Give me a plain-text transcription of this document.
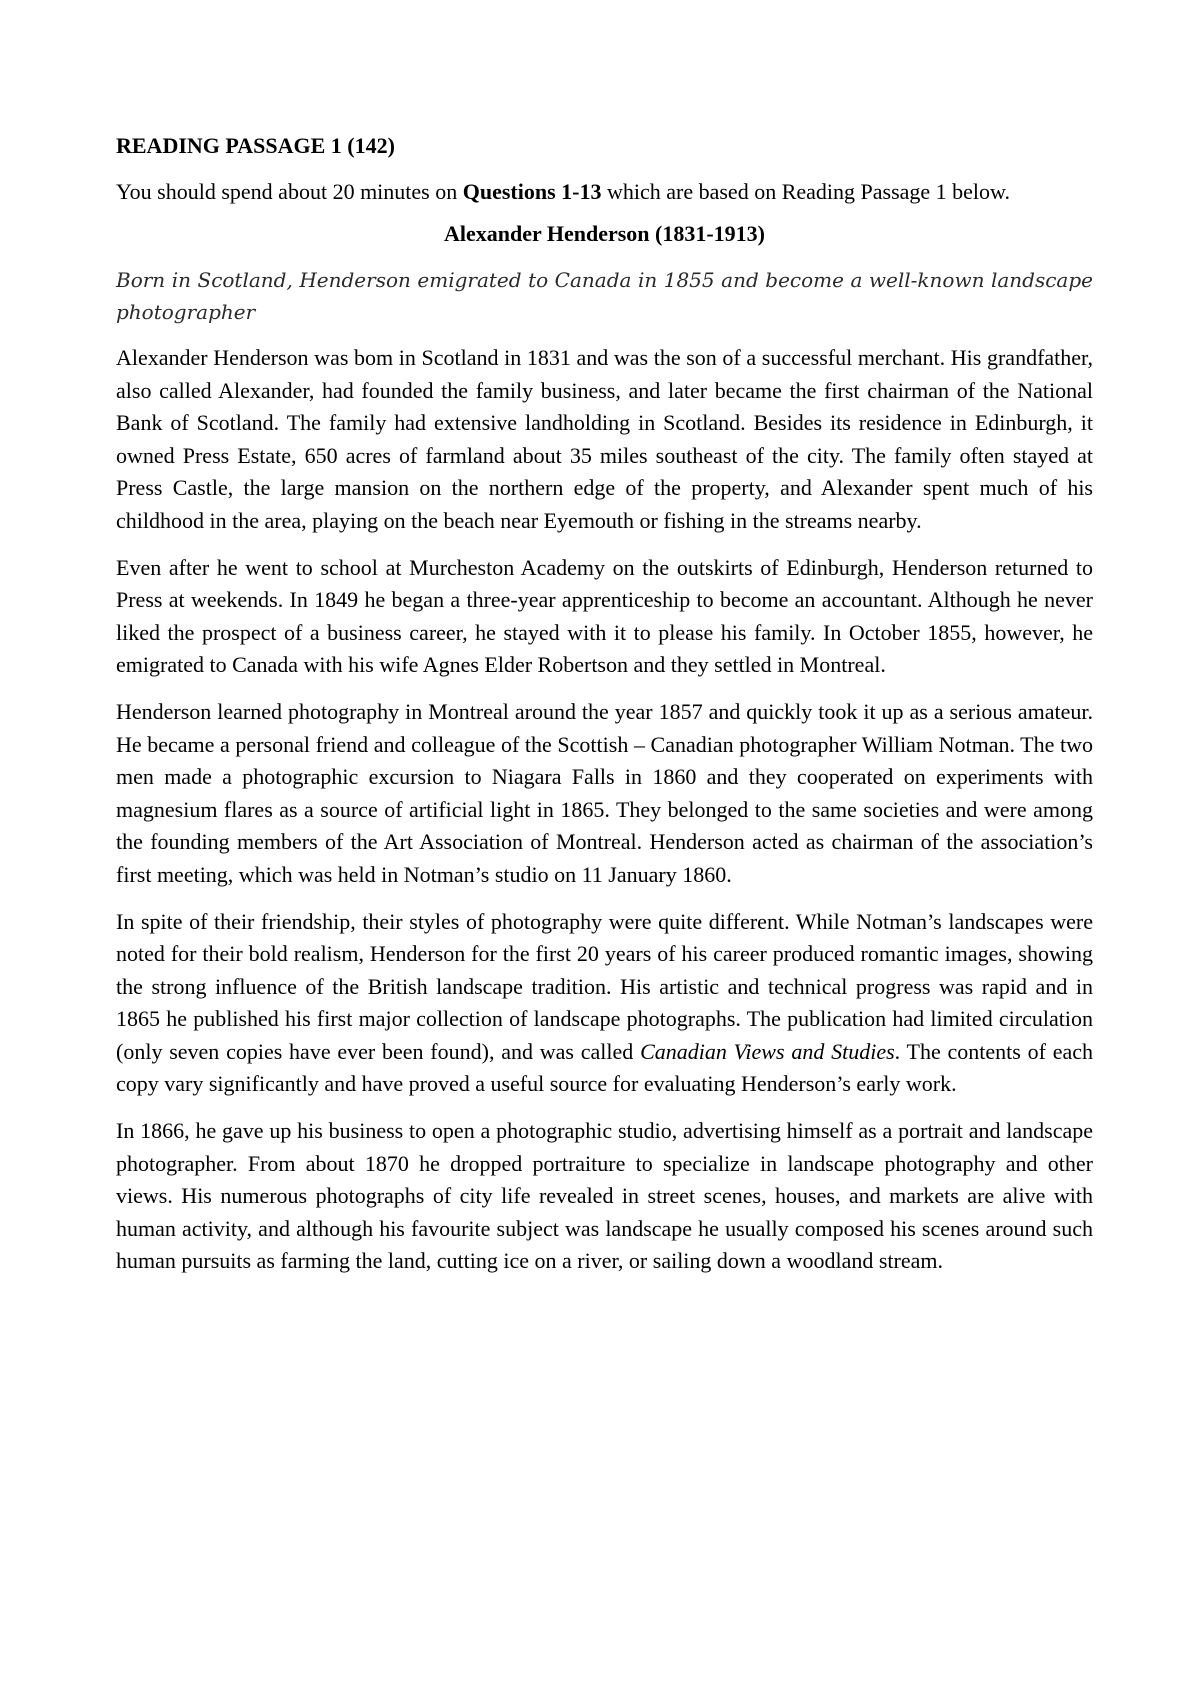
READING PASSAGE 1 (142)
You should spend about 20 minutes on Questions 1-13 which are based on Reading Passage 1 below.
Alexander Henderson (1831-1913)
Born in Scotland, Henderson emigrated to Canada in 1855 and become a well-known landscape photographer

Alexander Henderson was bom in Scotland in 1831 and was the son of a successful merchant. His grandfather, also called Alexander, had founded the family business, and later became the first chairman of the National Bank of Scotland. The family had extensive landholding in Scotland. Besides its residence in Edinburgh, it owned Press Estate, 650 acres of farmland about 35 miles southeast of the city. The family often stayed at Press Castle, the large mansion on the northern edge of the property, and Alexander spent much of his childhood in the area, playing on the beach near Eyemouth or fishing in the streams nearby.

Even after he went to school at Murcheston Academy on the outskirts of Edinburgh, Henderson returned to Press at weekends. In 1849 he began a three-year apprenticeship to become an accountant. Although he never liked the prospect of a business career, he stayed with it to please his family. In October 1855, however, he emigrated to Canada with his wife Agnes Elder Robertson and they settled in Montreal.

Henderson learned photography in Montreal around the year 1857 and quickly took it up as a serious amateur. He became a personal friend and colleague of the Scottish – Canadian photographer William Notman. The two men made a photographic excursion to Niagara Falls in 1860 and they cooperated on experiments with magnesium flares as a source of artificial light in 1865. They belonged to the same societies and were among the founding members of the Art Association of Montreal. Henderson acted as chairman of the association’s first meeting, which was held in Notman’s studio on 11 January 1860.

In spite of their friendship, their styles of photography were quite different. While Notman’s landscapes were noted for their bold realism, Henderson for the first 20 years of his career produced romantic images, showing the strong influence of the British landscape tradition. His artistic and technical progress was rapid and in 1865 he published his first major collection of landscape photographs. The publication had limited circulation (only seven copies have ever been found), and was called Canadian Views and Studies. The contents of each copy vary significantly and have proved a useful source for evaluating Henderson’s early work.

In 1866, he gave up his business to open a photographic studio, advertising himself as a portrait and landscape photographer. From about 1870 he dropped portraiture to specialize in landscape photography and other views. His numerous photographs of city life revealed in street scenes, houses, and markets are alive with human activity, and although his favourite subject was landscape he usually composed his scenes around such human pursuits as farming the land, cutting ice on a river, or sailing down a woodland stream.
